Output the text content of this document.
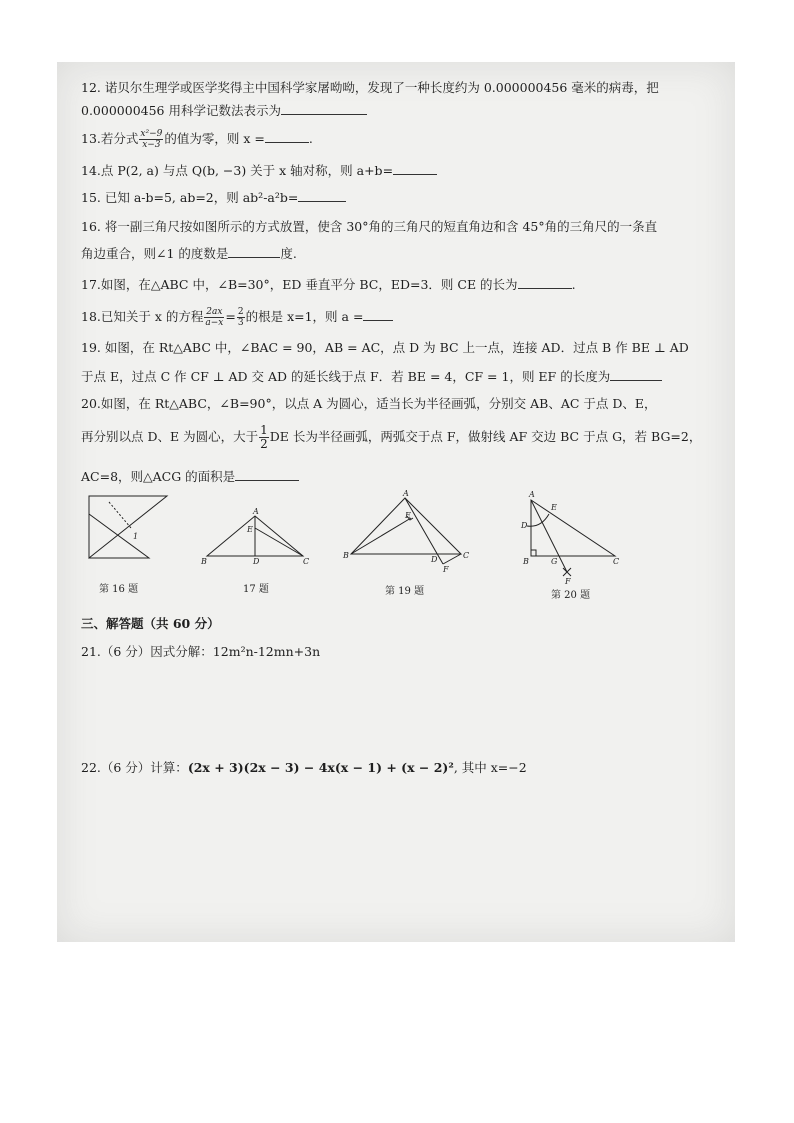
12. 诺贝尔生理学或医学奖得主中国科学家屠呦呦，发现了一种长度约为 0.000000456 毫米的病毒，把
0.000000456 用科学记数法表示为
13.若分式 $\frac{\text{x²−9}}{x-3}$ 的值为零，则 x =	.
14.点 P(2, a) 与点 Q(b, −3) 关于 x 轴对称，则 a+b=
15. 已知 a-b=5, ab=2，则 ab²-a²b=
16. 将一副三角尺按如图所示的方式放置，使含 30°角的三角尺的短直角边和含 45°角的三角尺的一条直
角边重合，则∠1 的度数是	度.
17.如图，在△ABC 中，∠B=30°，ED 垂直平分 BC，ED=3．则 CE 的长为	.
18.已知关于 x 的方程 $\frac{2ax}{a-x} = \frac{2}{3}$ 的根是 x=1，则 a =
19. 如图，在 Rt△ABC 中，∠BAC = 90，AB = AC，点 D 为 BC 上一点，连接 AD．过点 B 作 BE ⊥ AD
于点 E，过点 C 作 CF ⊥ AD 交 AD 的延长线于点 F．若 BE = 4，CF = 1，则 EF 的长度为
20.如图，在 Rt△ABC，∠B=90°，以点 A 为圆心，适当长为半径画弧，分别交 AB、AC 于点 D、E，
再分别以点 D、E 为圆心，大于 $\frac{1}{2}$ DE 长为半径画弧，两弧交于点 F，做射线 AF 交边 BC 于点 G，若 BG=2，
AC=8，则△ACG 的面积是
1
第 16 题
A
E
B	D	C
17 题
A
E
B	D	C
F
第 19 题
A
E
D
B	G	C
F
第 20 题
三、解答题（共 60 分）
21.（6 分）因式分解：12m²n-12mn+3n
22.（6 分）计算：(2x + 3)(2x − 3) − 4x(x − 1) + (x − 2)², 其中 x=−2
